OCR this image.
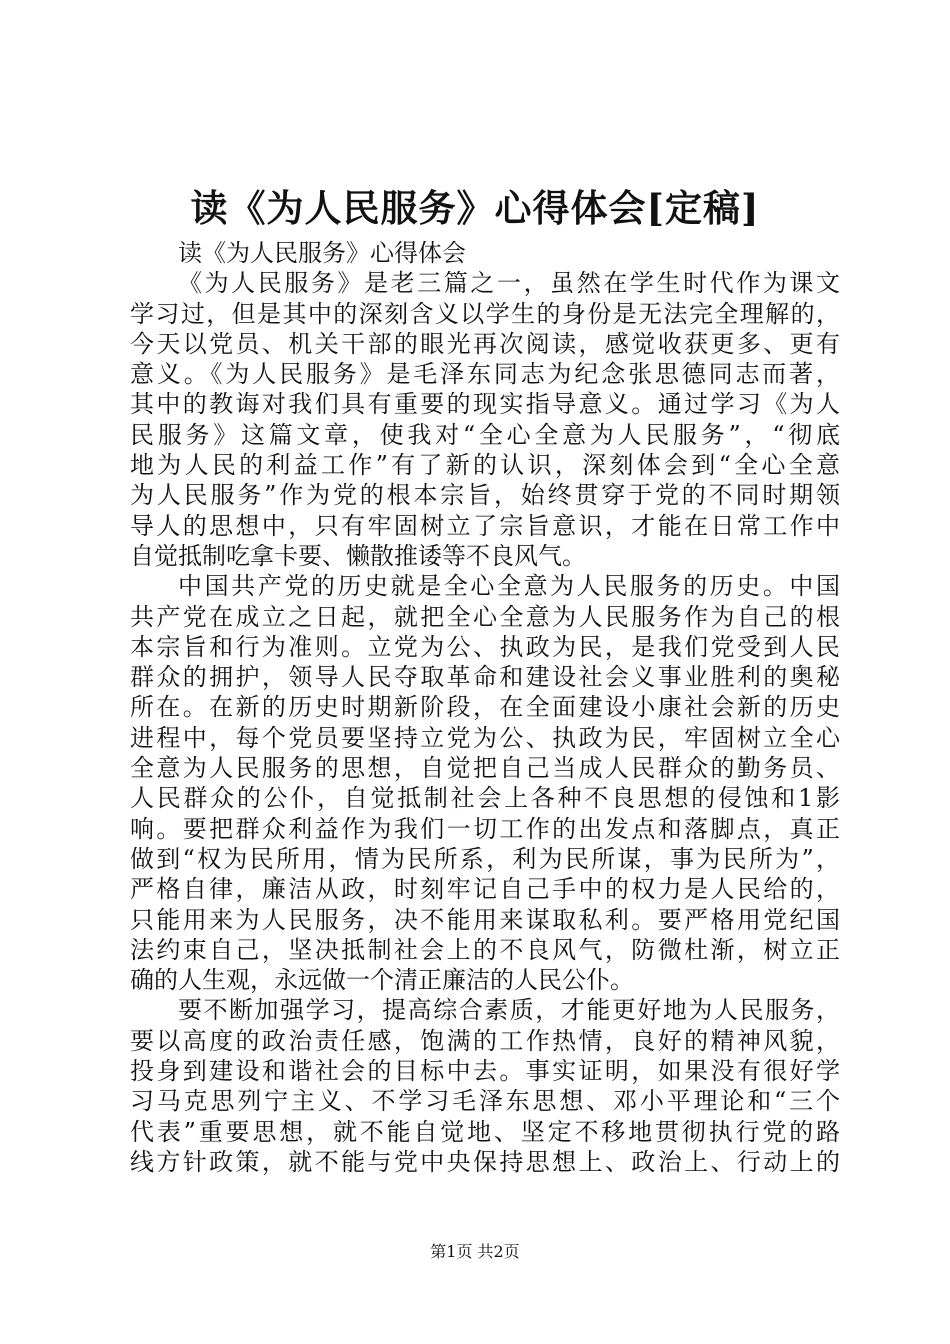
读《为人民服务》心得体会[定稿]
读《为人民服务》心得体会
《为人民服务》是老三篇之一，虽然在学生时代作为课文
学习过，但是其中的深刻含义以学生的身份是无法完全理解的，
今天以党员、机关干部的眼光再次阅读，感觉收获更多、更有
意义。《为人民服务》是毛泽东同志为纪念张思德同志而著，
其中的教诲对我们具有重要的现实指导意义。通过学习《为人
民服务》这篇文章，使我对“全心全意为人民服务”，“彻底
地为人民的利益工作”有了新的认识，深刻体会到“全心全意
为人民服务”作为党的根本宗旨，始终贯穿于党的不同时期领
导人的思想中，只有牢固树立了宗旨意识，才能在日常工作中
自觉抵制吃拿卡要、懒散推诿等不良风气。
中国共产党的历史就是全心全意为人民服务的历史。中国
共产党在成立之日起，就把全心全意为人民服务作为自己的根
本宗旨和行为准则。立党为公、执政为民，是我们党受到人民
群众的拥护，领导人民夺取革命和建设社会义事业胜利的奥秘
所在。在新的历史时期新阶段，在全面建设小康社会新的历史
进程中，每个党员要坚持立党为公、执政为民，牢固树立全心
全意为人民服务的思想，自觉把自己当成人民群众的勤务员、
人民群众的公仆，自觉抵制社会上各种不良思想的侵蚀和1影
响。要把群众利益作为我们一切工作的出发点和落脚点，真正
做到“权为民所用，情为民所系，利为民所谋，事为民所为”，
严格自律，廉洁从政，时刻牢记自己手中的权力是人民给的，
只能用来为人民服务，决不能用来谋取私利。要严格用党纪国
法约束自己，坚决抵制社会上的不良风气，防微杜渐，树立正
确的人生观，永远做一个清正廉洁的人民公仆。
要不断加强学习，提高综合素质，才能更好地为人民服务，
要以高度的政治责任感，饱满的工作热情，良好的精神风貌，
投身到建设和谐社会的目标中去。事实证明，如果没有很好学
习马克思列宁主义、不学习毛泽东思想、邓小平理论和“三个
代表”重要思想，就不能自觉地、坚定不移地贯彻执行党的路
线方针政策，就不能与党中央保持思想上、政治上、行动上的
第1页 共2页
